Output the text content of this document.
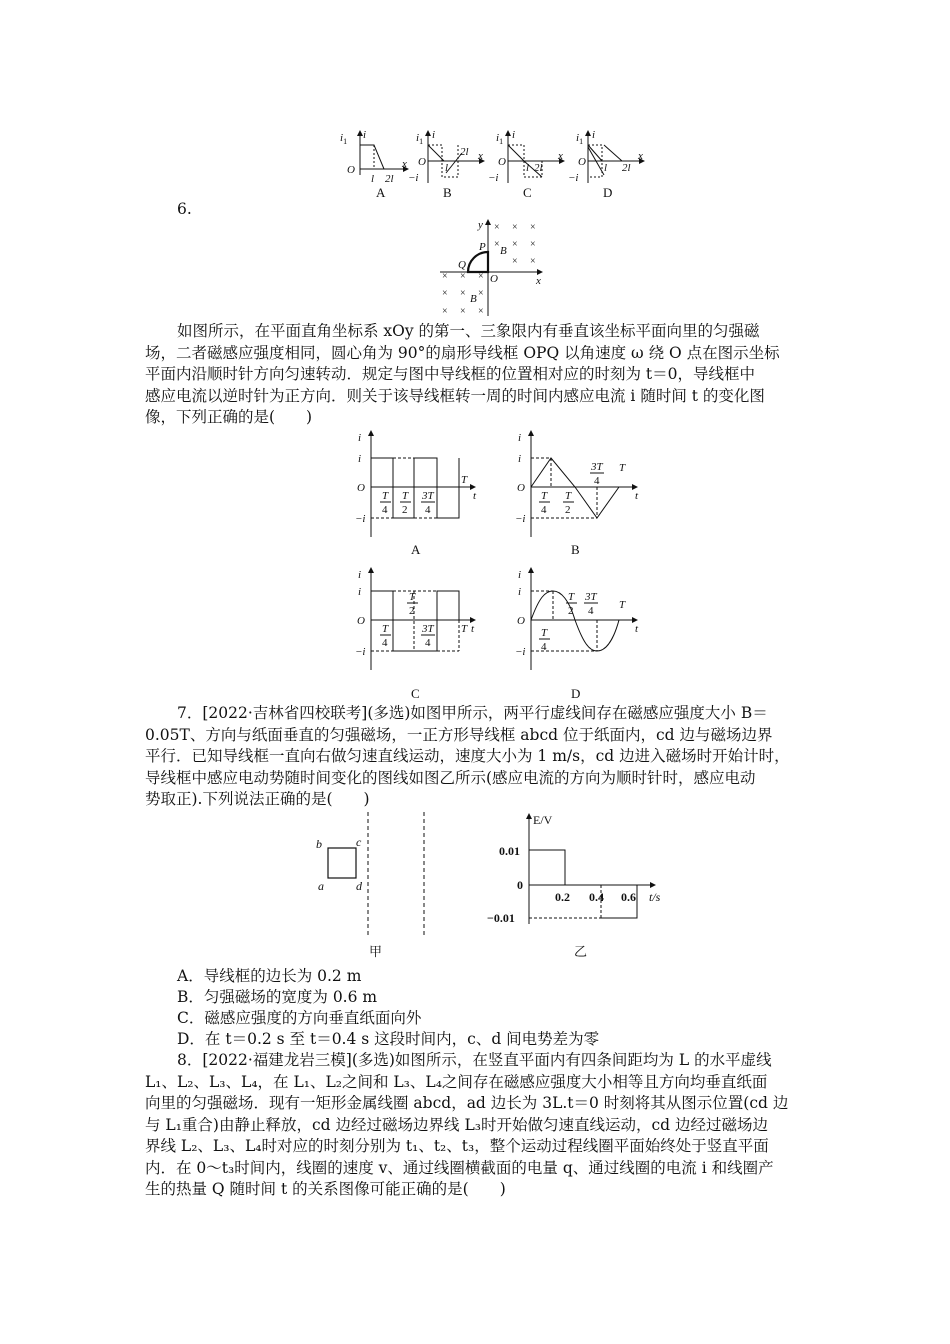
$i_1$
i
O
l 2l
x
A
$i_1$
i
O
−i
l
2l x
B
$i_1$
i
O
−i
l 2l
x
C
$i_1$
i
O
−i
l 2l
x
D
6.
× × ×
× × ×
× ×
× × ×
× × ×
× × ×
y
x
P
Q
O
B
B
如图所示，在平面直角坐标系 xOy 的第一、三象限内有垂直该坐标平面向里的匀强磁
场，二者磁感应强度相同，圆心角为 90°的扇形导线框 OPQ 以角速度 ω 绕 O 点在图示坐标
平面内沿顺时针方向匀速转动．规定与图中导线框的位置相对应的时刻为 t＝0，导线框中
感应电流以逆时针为正方向．则关于该导线框转一周的时间内感应电流 i 随时间 t 的变化图
像，下列正确的是(　　)
i
i
−i
O
T
t
T
4
T
2
3T
4
A
i
i
−i
O
T
t
T
4
T
2
3T
4
B
i
i
−i
O
T t
T
4
T
2
3T
4
C
i
i
−i
O
T
t
T
4
T
2
3T
4
D
7．[2022·吉林省四校联考](多选)如图甲所示，两平行虚线间存在磁感应强度大小 B＝
0.05T、方向与纸面垂直的匀强磁场，一正方形导线框 abcd 位于纸面内，cd 边与磁场边界
平行．已知导线框一直向右做匀速直线运动，速度大小为 1 m/s，cd 边进入磁场时开始计时，
导线框中感应电动势随时间变化的图线如图乙所示(感应电流的方向为顺时针时，感应电动
势取正).下列说法正确的是(　　)
b	c
a	d
甲
E/V
0.01
0
−0.01
0.2 0.4 0.6 t/s
乙
A．导线框的边长为 0.2 m
B．匀强磁场的宽度为 0.6 m
C．磁感应强度的方向垂直纸面向外
D．在 t＝0.2 s 至 t＝0.4 s 这段时间内，c、d 间电势差为零
8．[2022·福建龙岩三模](多选)如图所示，在竖直平面内有四条间距均为 L 的水平虚线
L₁、L₂、L₃、L₄，在 L₁、L₂之间和 L₃、L₄之间存在磁感应强度大小相等且方向均垂直纸面
向里的匀强磁场．现有一矩形金属线圈 abcd，ad 边长为 3L.t＝0 时刻将其从图示位置(cd 边
与 L₁重合)由静止释放，cd 边经过磁场边界线 L₃时开始做匀速直线运动，cd 边经过磁场边
界线 L₂、L₃、L₄时对应的时刻分别为 t₁、t₂、t₃，整个运动过程线圈平面始终处于竖直平面
内．在 0～t₃时间内，线圈的速度 v、通过线圈横截面的电量 q、通过线圈的电流 i 和线圈产
生的热量 Q 随时间 t 的关系图像可能正确的是(　　)
